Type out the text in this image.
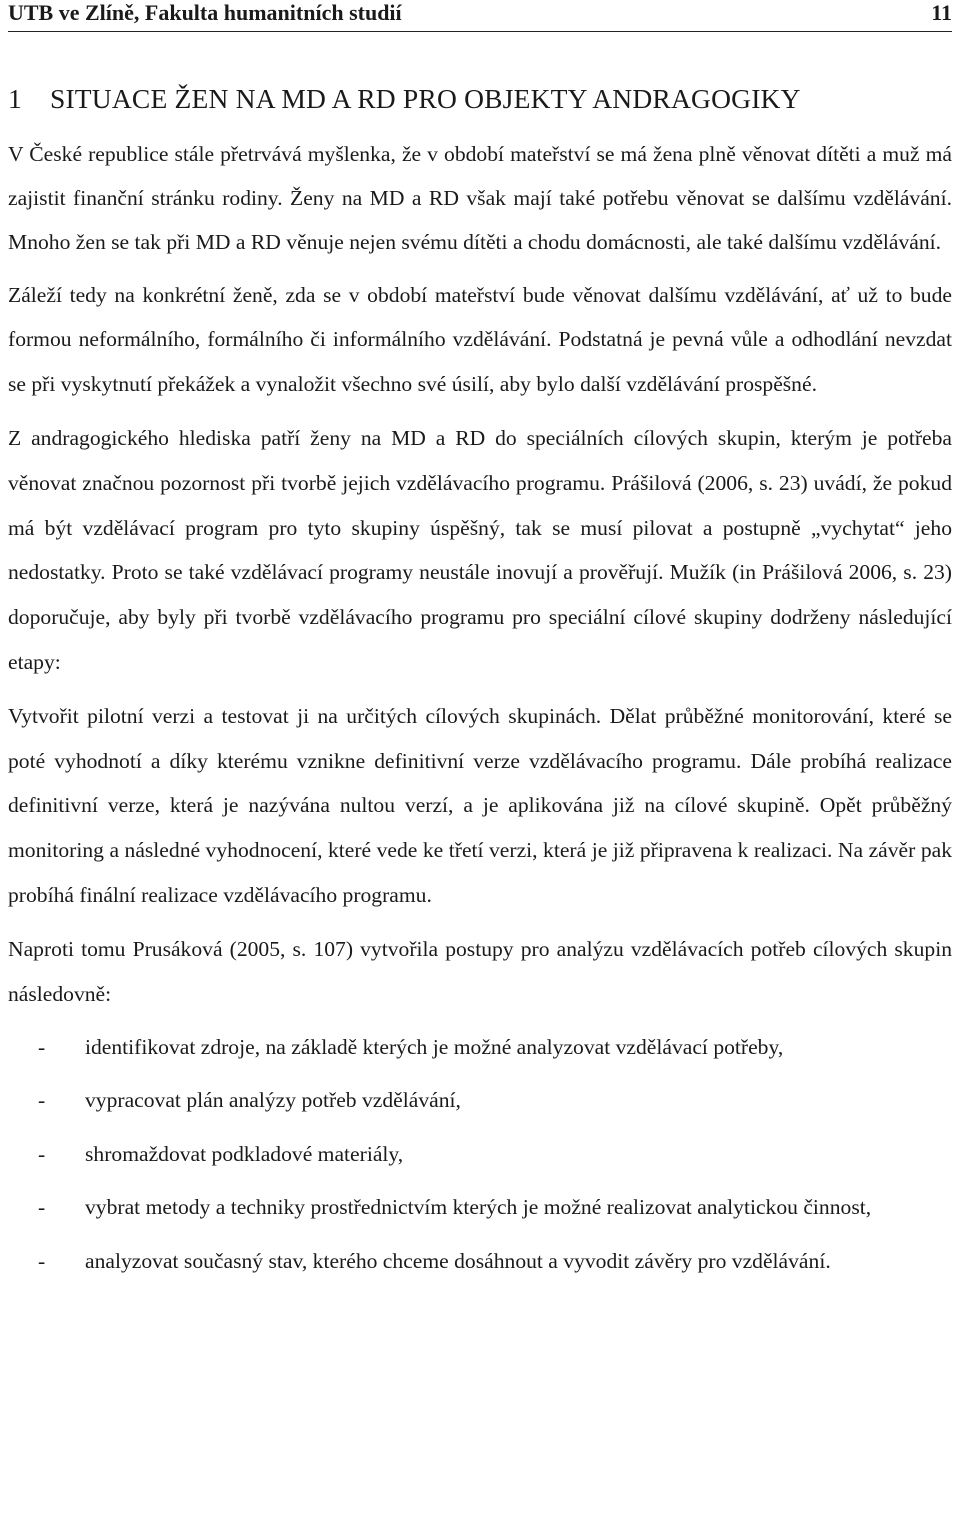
UTB ve Zlíně, Fakulta humanitních studií	11
1 SITUACE ŽEN NA MD A RD PRO OBJEKTY ANDRAGOGIKY

V České republice stále přetrvává myšlenka, že v období mateřství se má žena plně věnovat dítěti a muž má zajistit finanční stránku rodiny. Ženy na MD a RD však mají také potřebu věnovat se dalšímu vzdělávání. Mnoho žen se tak při MD a RD věnuje nejen svému dítěti a chodu domácnosti, ale také dalšímu vzdělávání.

Záleží tedy na konkrétní ženě, zda se v období mateřství bude věnovat dalšímu vzdělávání, ať už to bude formou neformálního, formálního či informálního vzdělávání. Podstatná je pevná vůle a odhodlání nevzdat se při vyskytnutí překážek a vynaložit všechno své úsilí, aby bylo další vzdělávání prospěšné.

Z andragogického hlediska patří ženy na MD a RD do speciálních cílových skupin, kterým je potřeba věnovat značnou pozornost při tvorbě jejich vzdělávacího programu. Prášilová (2006, s. 23) uvádí, že pokud má být vzdělávací program pro tyto skupiny úspěšný, tak se musí pilovat a postupně „vychytat“ jeho nedostatky. Proto se také vzdělávací programy neustále inovují a prověřují. Mužík (in Prášilová 2006, s. 23) doporučuje, aby byly při tvorbě vzdělávacího programu pro speciální cílové skupiny dodrženy následující etapy:

Vytvořit pilotní verzi a testovat ji na určitých cílových skupinách. Dělat průběžné monitorování, které se poté vyhodnotí a díky kterému vznikne definitivní verze vzdělávacího programu. Dále probíhá realizace definitivní verze, která je nazývána nultou verzí, a je aplikována již na cílové skupině. Opět průběžný monitoring a následné vyhodnocení, které vede ke třetí verzi, která je již připravena k realizaci. Na závěr pak probíhá finální realizace vzdělávacího programu.

Naproti tomu Prusáková (2005, s. 107) vytvořila postupy pro analýzu vzdělávacích potřeb cílových skupin následovně:

- identifikovat zdroje, na základě kterých je možné analyzovat vzdělávací potřeby,
- vypracovat plán analýzy potřeb vzdělávání,
- shromaždovat podkladové materiály,
- vybrat metody a techniky prostřednictvím kterých je možné realizovat analytickou činnost,
- analyzovat současný stav, kterého chceme dosáhnout a vyvodit závěry pro vzdělávání.
